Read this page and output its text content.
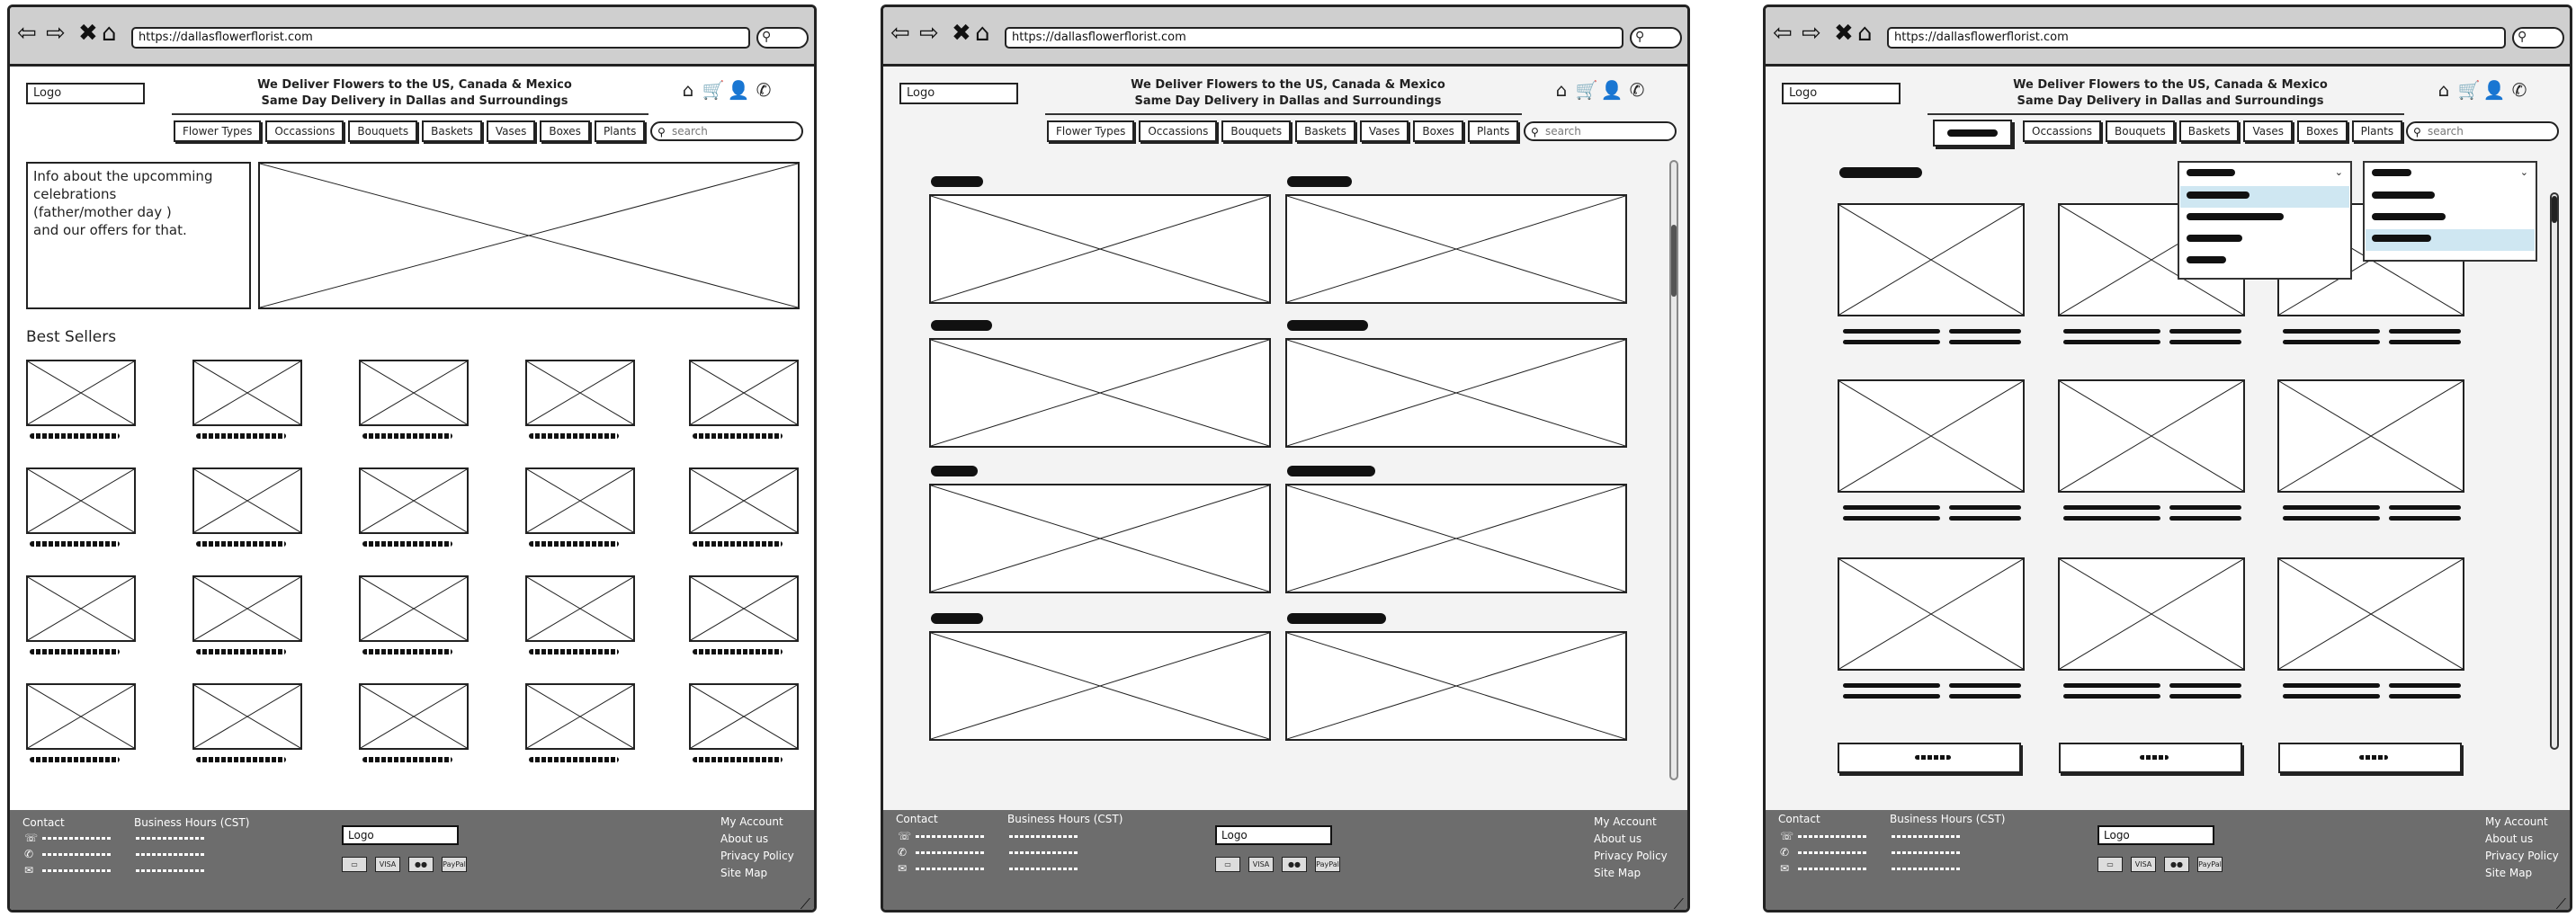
⇦ ⇨ ✖ ⌂	https://dallasflowerflorist.com	⚲
Logo
We Deliver Flowers to the US, Canada & Mexico
Same Day Delivery in Dallas and Surroundings
⌂ 🛒 👤 ✆
Flower Types Occassions Bouquets Baskets Vases Boxes Plants	⚲ search
Info about the upcomming
celebrations
(father/mother day )
and our offers for that.
Best Sellers
Contact
☏
✆
✉
Business Hours (CST)
Logo
▭	VISA	●● PayPal
My Account
About us
Privacy Policy
Site Map
⟋
⇦ ⇨ ✖ ⌂	https://dallasflowerflorist.com	⚲
Logo
We Deliver Flowers to the US, Canada & Mexico
Same Day Delivery in Dallas and Surroundings
⌂ 🛒 👤 ✆
Flower Types Occassions Bouquets Baskets Vases Boxes Plants	⚲ search
Contact
☏
✆
✉
Business Hours (CST)
Logo
▭	VISA	●● PayPal
My Account
About us
Privacy Policy
Site Map
⟋
⇦ ⇨ ✖ ⌂	https://dallasflowerflorist.com	⚲
Logo
We Deliver Flowers to the US, Canada & Mexico
Same Day Delivery in Dallas and Surroundings
⌂ 🛒 👤 ✆
Occassions Bouquets Baskets Vases Boxes Plants	⚲ search
⌄	⌄
Contact
☏
✆
✉
Business Hours (CST)
Logo
▭	VISA	●● PayPal
My Account
About us
Privacy Policy
Site Map
⟋
